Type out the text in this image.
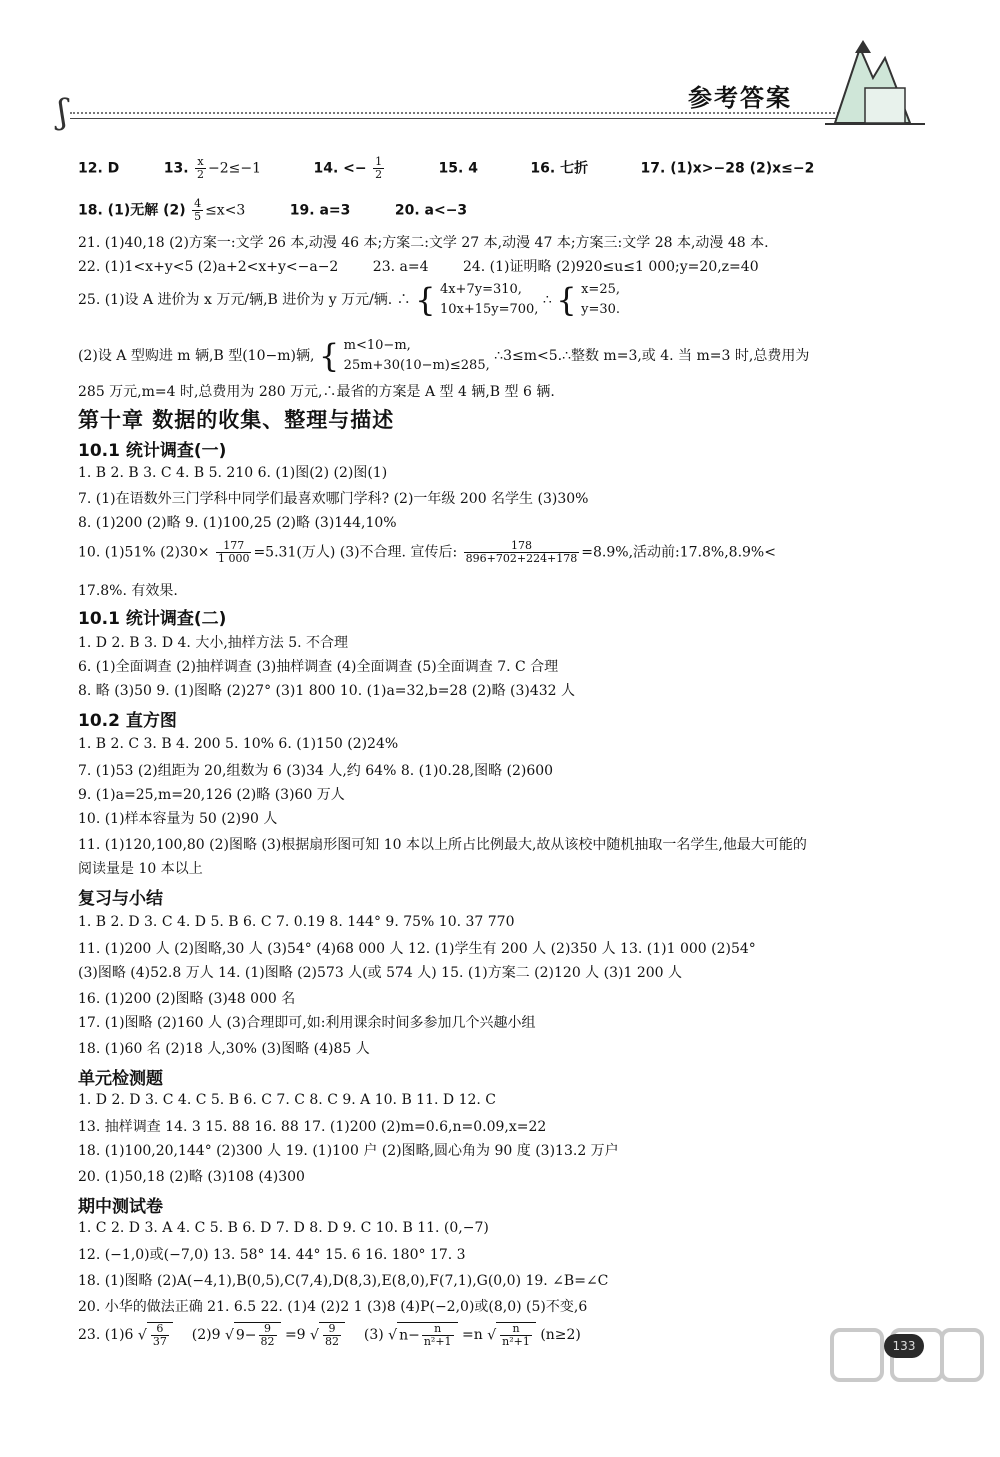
ʃ	参考答案
12. D	13. $\frac{x}{2} -2\le-1$	14. <− $\frac{1}{2}$	15. 4	16. 七折	17. (1)x>−28 (2)x≤−2
18. (1)无解 $(2) \frac{4}{5} \le x<3$	19. a=3	20. a<−3
21. (1)40,18 (2)方案一:文学 26 本,动漫 46 本;方案二:文学 27 本,动漫 47 本;方案三:文学 28 本,动漫 48 本.
22. (1)1<x+y<5 (2)a+2<x+y<−a−2 23. a=4 24. (1)证明略 (2)920≤u≤1 000;y=20,z=40
25. (1)设 A 进价为 x 万元/辆,B 进价为 y 万元/辆. ∴ { 4x+7y=310,
10x+15y=700, ∴ { x=25,
y=30.
(2)设 A 型购进 m 辆,B 型(10−m)辆, { m<10−m,
25m+30(10−m)≤285, ∴3≤m<5.∴整数 m=3,或 4. 当 m=3 时,总费用为
285 万元,m=4 时,总费用为 280 万元,∴最省的方案是 A 型 4 辆,B 型 6 辆.
第十章 数据的收集、整理与描述
10.1 统计调查(一)
1. B 2. B 3. C 4. B 5. 210 6. (1)图(2) (2)图(1)
7. (1)在语数外三门学科中同学们最喜欢哪门学科? (2)一年级 200 名学生 (3)30%
8. (1)200 (2)略 9. (1)100,25 (2)略 (3)144,10%
10. (1)51% $(2)30\times \frac{177}{1 000} =5.31$(万人) (3)不合理. 宣传后: $\frac{178}{896+702+224+178} =8.9\%$,活动前:17.8%,8.9%<
17.8%. 有效果.
10.1 统计调查(二)
1. D 2. B 3. D 4. 大小,抽样方法 5. 不合理
6. (1)全面调查 (2)抽样调查 (3)抽样调查 (4)全面调查 (5)全面调查 7. C 合理
8. 略 (3)50 9. (1)图略 (2)27° (3)1 800 10. (1)a=32,b=28 (2)略 (3)432 人
10.2 直方图
1. B 2. C 3. B 4. 200 5. 10% 6. (1)150 (2)24%
7. (1)53 (2)组距为 20,组数为 6 (3)34 人,约 64% 8. (1)0.28,图略 (2)600
9. (1)a=25,m=20,126 (2)略 (3)60 万人
10. (1)样本容量为 50 (2)90 人
11. (1)120,100,80 (2)图略 (3)根据扇形图可知 10 本以上所占比例最大,故从该校中随机抽取一名学生,他最大可能的
阅读量是 10 本以上
复习与小结
1. B 2. D 3. C 4. D 5. B 6. C 7. 0.19 8. 144° 9. 75% 10. 37 770
11. (1)200 人 (2)图略,30 人 (3)54° (4)68 000 人 12. (1)学生有 200 人 (2)350 人 13. (1)1 000 (2)54°
(3)图略 (4)52.8 万人 14. (1)图略 (2)573 人(或 574 人) 15. (1)方案二 (2)120 人 (3)1 200 人
16. (1)200 (2)图略 (3)48 000 名
17. (1)图略 (2)160 人 (3)合理即可,如:利用课余时间多参加几个兴趣小组
18. (1)60 名 (2)18 人,30% (3)图略 (4)85 人
单元检测题
1. D 2. D 3. C 4. C 5. B 6. C 7. C 8. C 9. A 10. B 11. D 12. C
13. 抽样调查 14. 3 15. 88 16. 88 17. (1)200 (2)m=0.6,n=0.09,x=22
18. (1)100,20,144° (2)300 人 19. (1)100 户 (2)图略,圆心角为 90 度 (3)13.2 万户
20. (1)50,18 (2)略 (3)108 (4)300
期中测试卷
1. C 2. D 3. A 4. C 5. B 6. D 7. D 8. D 9. C 10. B 11. (0,−7)
12. (−1,0)或(−7,0) 13. 58° 14. 44° 15. 6 16. 180° 17. 3
18. (1)图略 (2)A(−4,1),B(0,5),C(7,4),D(8,3),E(8,0),F(7,1),G(0,0) 19. ∠B=∠C
20. 小华的做法正确 21. 6.5 22. (1)4 (2)2 1 (3)8 (4)P(−2,0)或(8,0) (5)不变,6
23. (1)6 √ $\frac{6}{37} (2)9$ √ $9- \frac{9}{82} =9$ √ $\frac{9}{82} (3)$ √ $n- \frac{n}{\text{n²+1}} =n$ √ $\frac{n}{\text{n²+1}} (n\ge 2)$
133
